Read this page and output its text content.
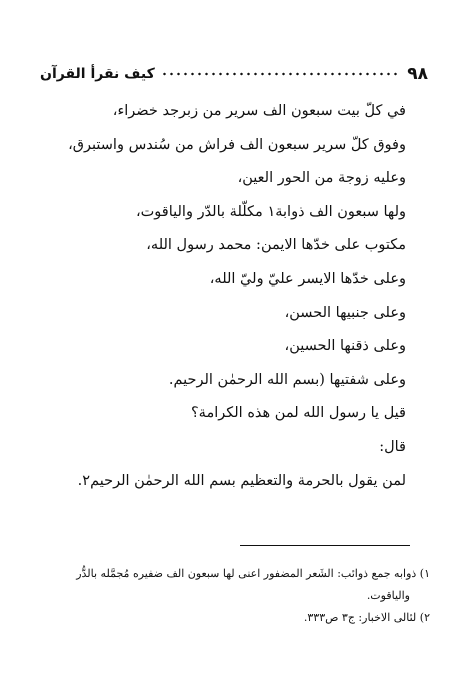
٩٨
كيف نقرأ القرآن
في كلّ بيت سبعون الف سرير من زبرجد خضراء،
وفوق كلّ سرير سبعون الف فراش من سُندس واستبرق،
وعليه زوجة من الحور العين،
ولها سبعون الف ذوابة١ مكلّلة بالدّر والياقوت،
مكتوب على خدّها الايمن: محمد رسول الله،
وعلى خدّها الايسر عليّ وليّ الله،
وعلى جنبيها الحسن،
وعلى ذقنها الحسين،
وعلى شفتيها (بسم الله الرحمٰن الرحيم.
قيل يا رسول الله لمن هذه الكرامة؟
قال:
لمن يقول بالحرمة والتعظيم بسم الله الرحمٰن الرحيم٢.
١) ذوابه جمع ذوائب: الشَعر المضفور اعنى لها سبعون الف ضفيره مُجمَّله بالدُّر
والياقوت.
٢) لئالى الاخبار: ج٣ ص٣٣٣.
